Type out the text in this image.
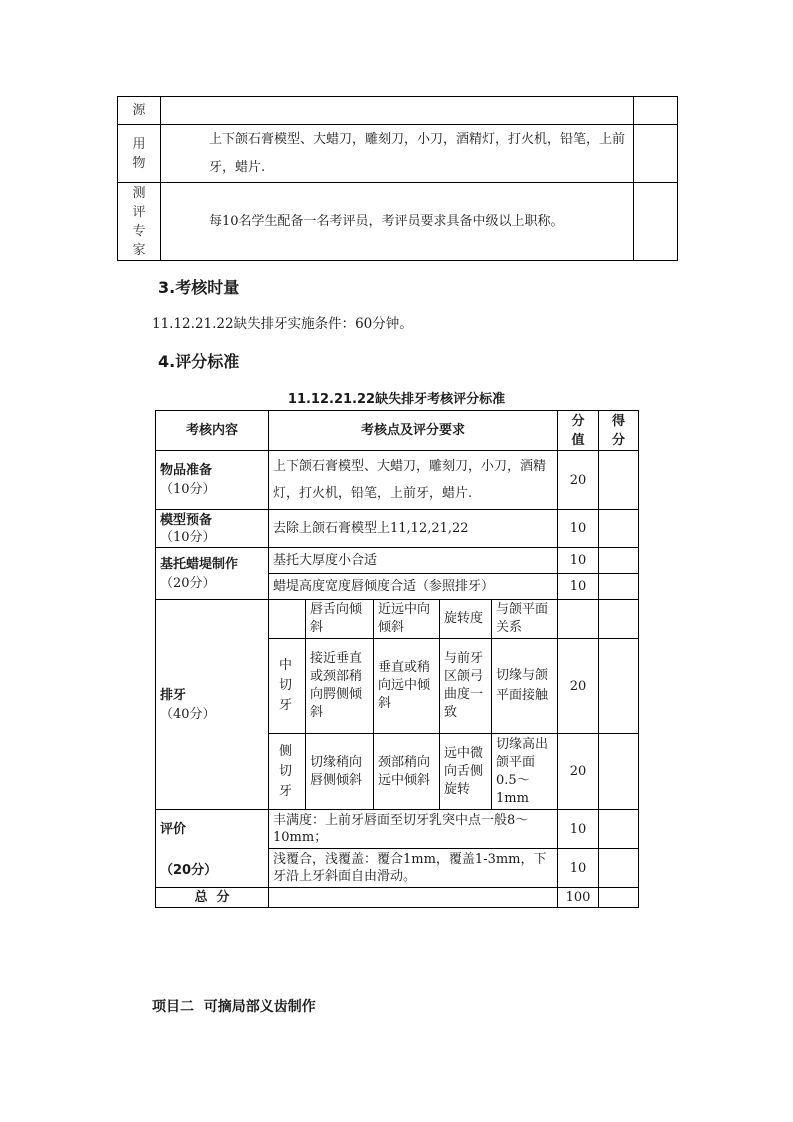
源		
用物	上下颌石膏模型、大蜡刀，雕刻刀，小刀，酒精灯，打火机，铅笔，上前牙，蜡片.	
测评专家	每10名学生配备一名考评员，考评员要求具备中级以上职称。	
3.考核时量
11.12.21.22缺失排牙实施条件：60分钟。
4.评分标准
11.12.21.22缺失排牙考核评分标准
考核内容	考核点及评分要求					分值	得分

物品准备
（10分）	上下颌石膏模型、大蜡刀，雕刻刀，小刀，酒精灯，打火机，铅笔，上前牙，蜡片.					20	

模型预备
（10分）	去除上颌石膏模型上11,12,21,22					10	

基托蜡堤制作
（20分）	基托大厚度小合适					10	
	蜡堤高度宽度唇倾度合适（参照排牙）					10	

排牙
（40分）		唇舌向倾斜	近远中向倾斜	旋转度	与颌平面关系		
	中切牙	接近垂直或颈部稍向腭侧倾斜	垂直或稍向远中倾斜	与前牙区颌弓曲度一致	切缘与颌平面接触	20	
	侧切牙	切缘稍向唇侧倾斜	颈部稍向远中倾斜	远中微向舌侧旋转	切缘高出颌平面0.5～1mm	20	

评价
（20分）	丰满度：上前牙唇面至切牙乳突中点一般8～10mm；					10	
	浅覆合，浅覆盖：覆合1mm，覆盖1-3mm，下牙沿上牙斜面自由滑动。					10	
总  分						100	
项目二  可摘局部义齿制作
